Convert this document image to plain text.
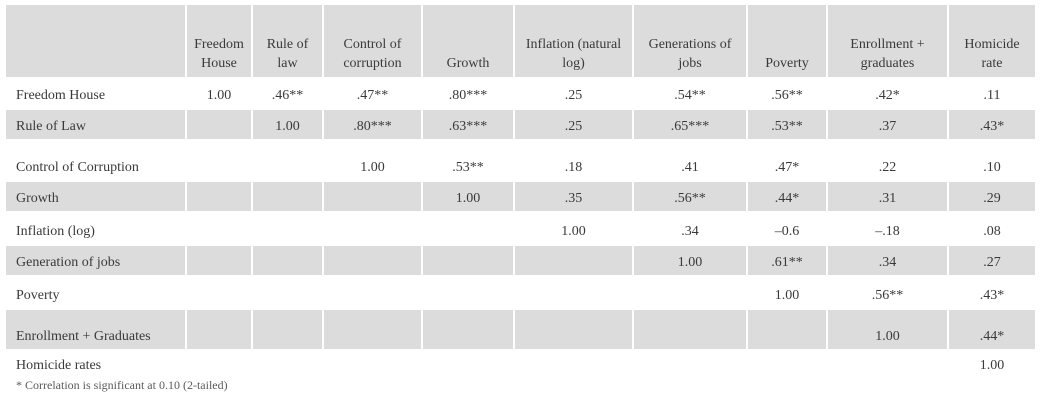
	Freedom House	Rule of law	Control of corruption	Growth	Inflation (natural log)	Generations of jobs	Poverty	Enrollment + graduates	Homicide rate
Freedom House	1.00	.46**	.47**	.80***	.25	.54**	.56**	.42*	.11
Rule of Law		1.00	.80***	.63***	.25	.65***	.53**	.37	.43*
Control of Corruption			1.00	.53**	.18	.41	.47*	.22	.10
Growth				1.00	.35	.56**	.44*	.31	.29
Inflation (log)					1.00	.34	–0.6	–.18	.08
Generation of jobs						1.00	.61**	.34	.27
Poverty							1.00	.56**	.43*
Enrollment + Graduates								1.00	.44*
Homicide rates									1.00
* Correlation is significant at 0.10 (2-tailed)
